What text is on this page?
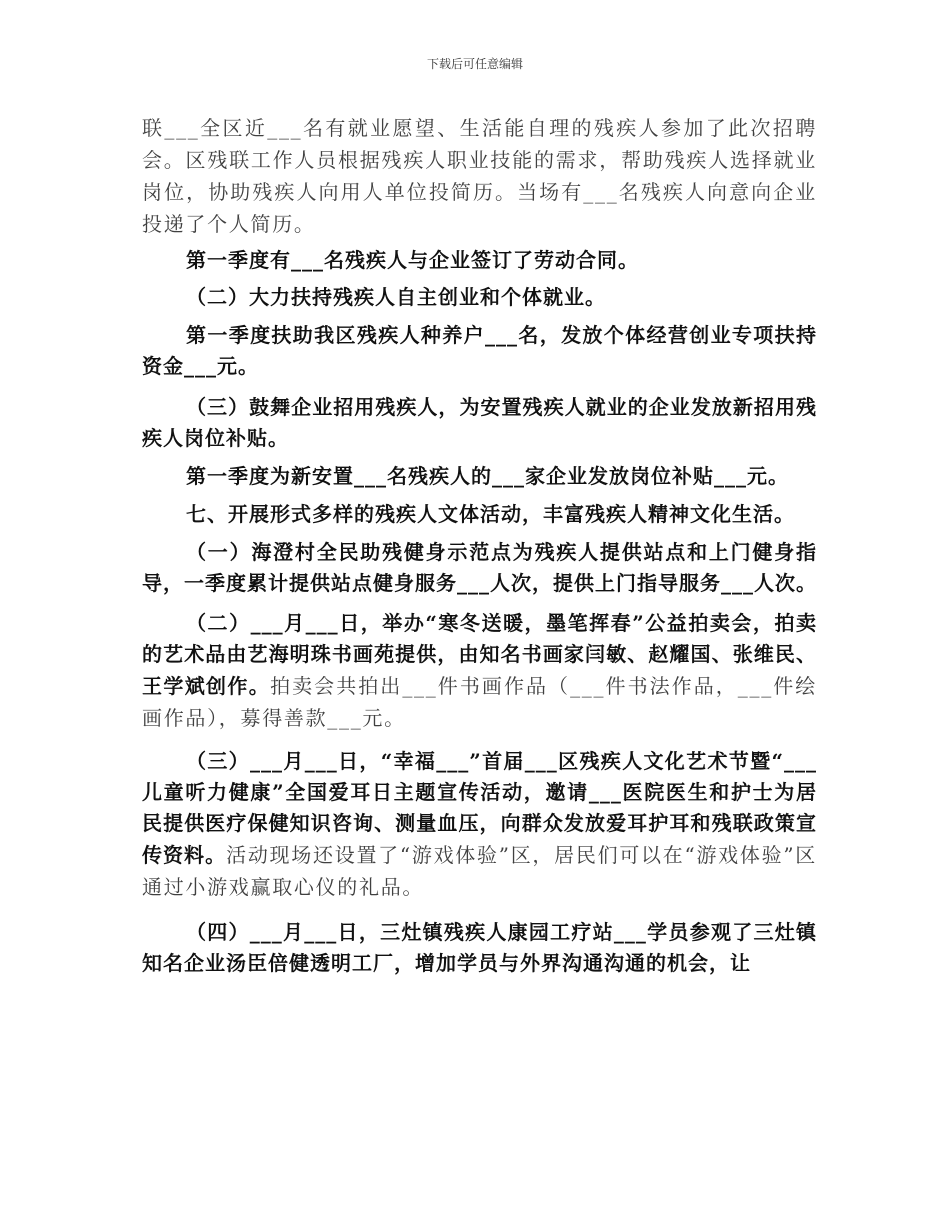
下载后可任意编辑

联___全区近___名有就业愿望、生活能自理的残疾人参加了此次招聘会。区残联工作人员根据残疾人职业技能的需求，帮助残疾人选择就业岗位，协助残疾人向用人单位投简历。当场有___名残疾人向意向企业投递了个人简历。

第一季度有___名残疾人与企业签订了劳动合同。

（二）大力扶持残疾人自主创业和个体就业。

第一季度扶助我区残疾人种养户___名，发放个体经营创业专项扶持资金___元。

（三）鼓舞企业招用残疾人，为安置残疾人就业的企业发放新招用残疾人岗位补贴。

第一季度为新安置___名残疾人的___家企业发放岗位补贴___元。

七、开展形式多样的残疾人文体活动，丰富残疾人精神文化生活。

（一）海澄村全民助残健身示范点为残疾人提供站点和上门健身指导，一季度累计提供站点健身服务___人次，提供上门指导服务___人次。

（二）___月___日，举办“寒冬送暖，墨笔挥春”公益拍卖会，拍卖的艺术品由艺海明珠书画苑提供，由知名书画家闫敏、赵耀国、张维民、王学斌创作。拍卖会共拍出___件书画作品（___件书法作品，___件绘画作品），募得善款___元。

（三）___月___日，“幸福___”首届___区残疾人文化艺术节暨“___儿童听力健康”全国爱耳日主题宣传活动，邀请___医院医生和护士为居民提供医疗保健知识咨询、测量血压，向群众发放爱耳护耳和残联政策宣传资料。活动现场还设置了“游戏体验”区，居民们可以在“游戏体验”区通过小游戏赢取心仪的礼品。

（四）___月___日，三灶镇残疾人康园工疗站___学员参观了三灶镇知名企业汤臣倍健透明工厂，增加学员与外界沟通沟通的机会，让
